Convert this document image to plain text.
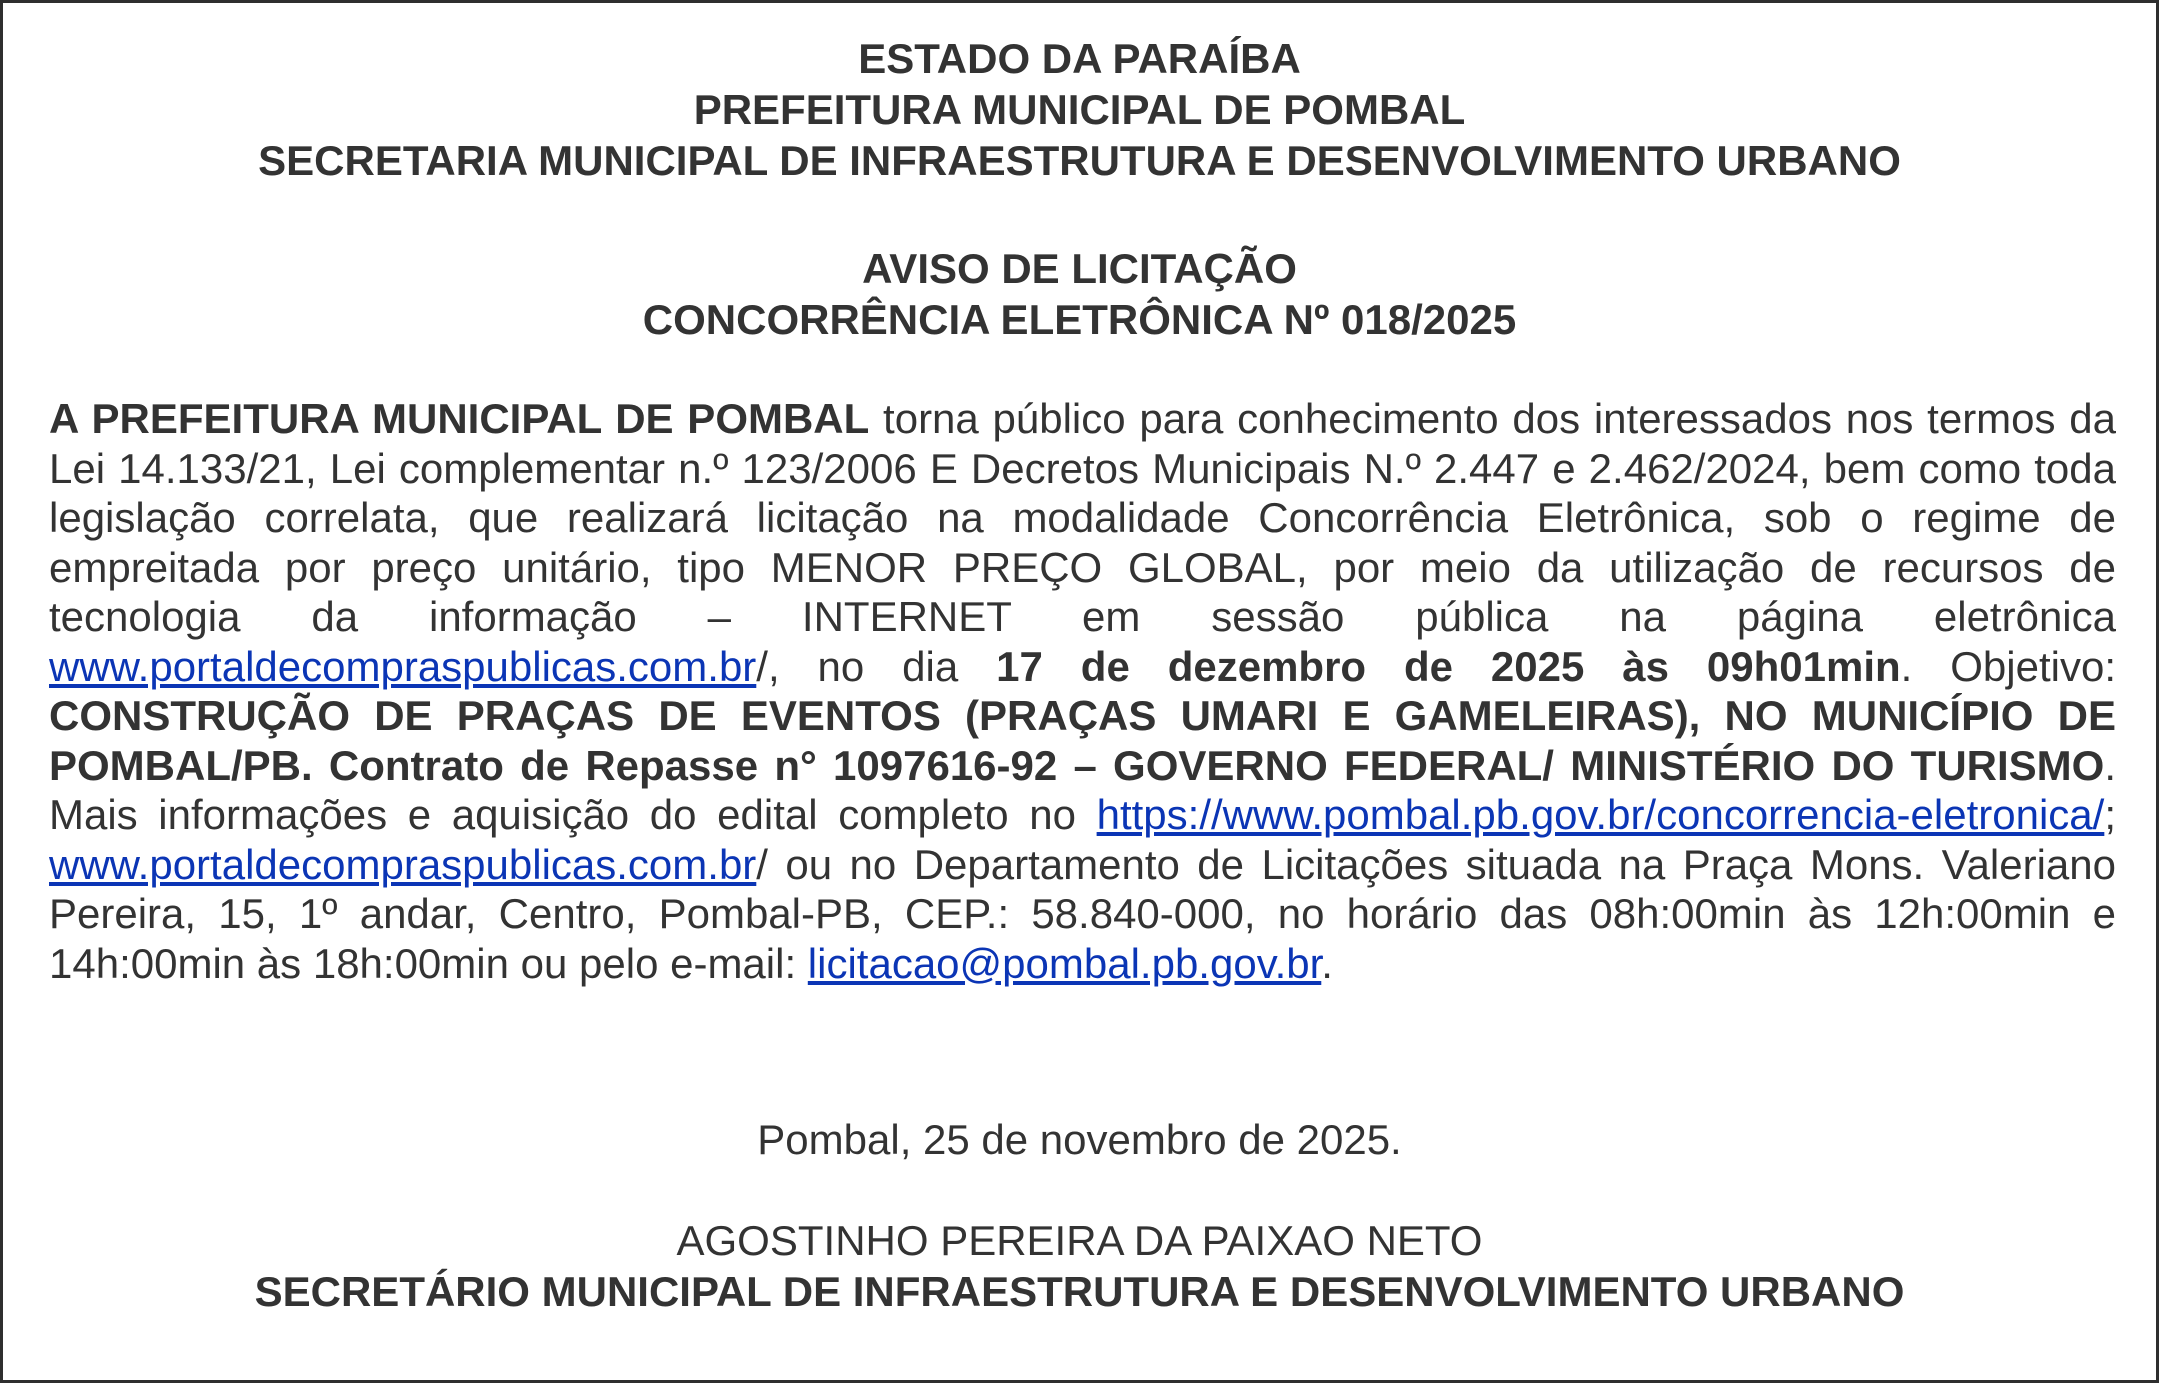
ESTADO DA PARAÍBA
PREFEITURA MUNICIPAL DE POMBAL
SECRETARIA MUNICIPAL DE INFRAESTRUTURA E DESENVOLVIMENTO URBANO
AVISO DE LICITAÇÃO
CONCORRÊNCIA ELETRÔNICA Nº 018/2025

A PREFEITURA MUNICIPAL DE POMBAL torna público para conhecimento dos interessados nos termos da Lei 14.133/21, Lei complementar n.º 123/2006 E Decretos Municipais N.º 2.447 e 2.462/2024, bem como toda legislação correlata, que realizará licitação na modalidade Concorrência Eletrônica, sob o regime de empreitada por preço unitário, tipo MENOR PREÇO GLOBAL, por meio da utilização de recursos de tecnologia da informação – INTERNET em sessão pública na página eletrônica www.portaldecompraspublicas.com.br/, no dia 17 de dezembro de 2025 às 09h01min. Objetivo: CONSTRUÇÃO DE PRAÇAS DE EVENTOS (PRAÇAS UMARI E GAMELEIRAS), NO MUNICÍPIO DE POMBAL/PB. Contrato de Repasse n° 1097616-92 – GOVERNO FEDERAL/ MINISTÉRIO DO TURISMO. Mais informações e aquisição do edital completo no https://www.pombal.pb.gov.br/concorrencia-eletronica/; www.portaldecompraspublicas.com.br/ ou no Departamento de Licitações situada na Praça Mons. Valeriano Pereira, 15, 1º andar, Centro, Pombal-PB, CEP.: 58.840-000, no horário das 08h:00min às 12h:00min e 14h:00min às 18h:00min ou pelo e-mail: licitacao@pombal.pb.gov.br.

Pombal, 25 de novembro de 2025.
AGOSTINHO PEREIRA DA PAIXAO NETO
SECRETÁRIO MUNICIPAL DE INFRAESTRUTURA E DESENVOLVIMENTO URBANO
